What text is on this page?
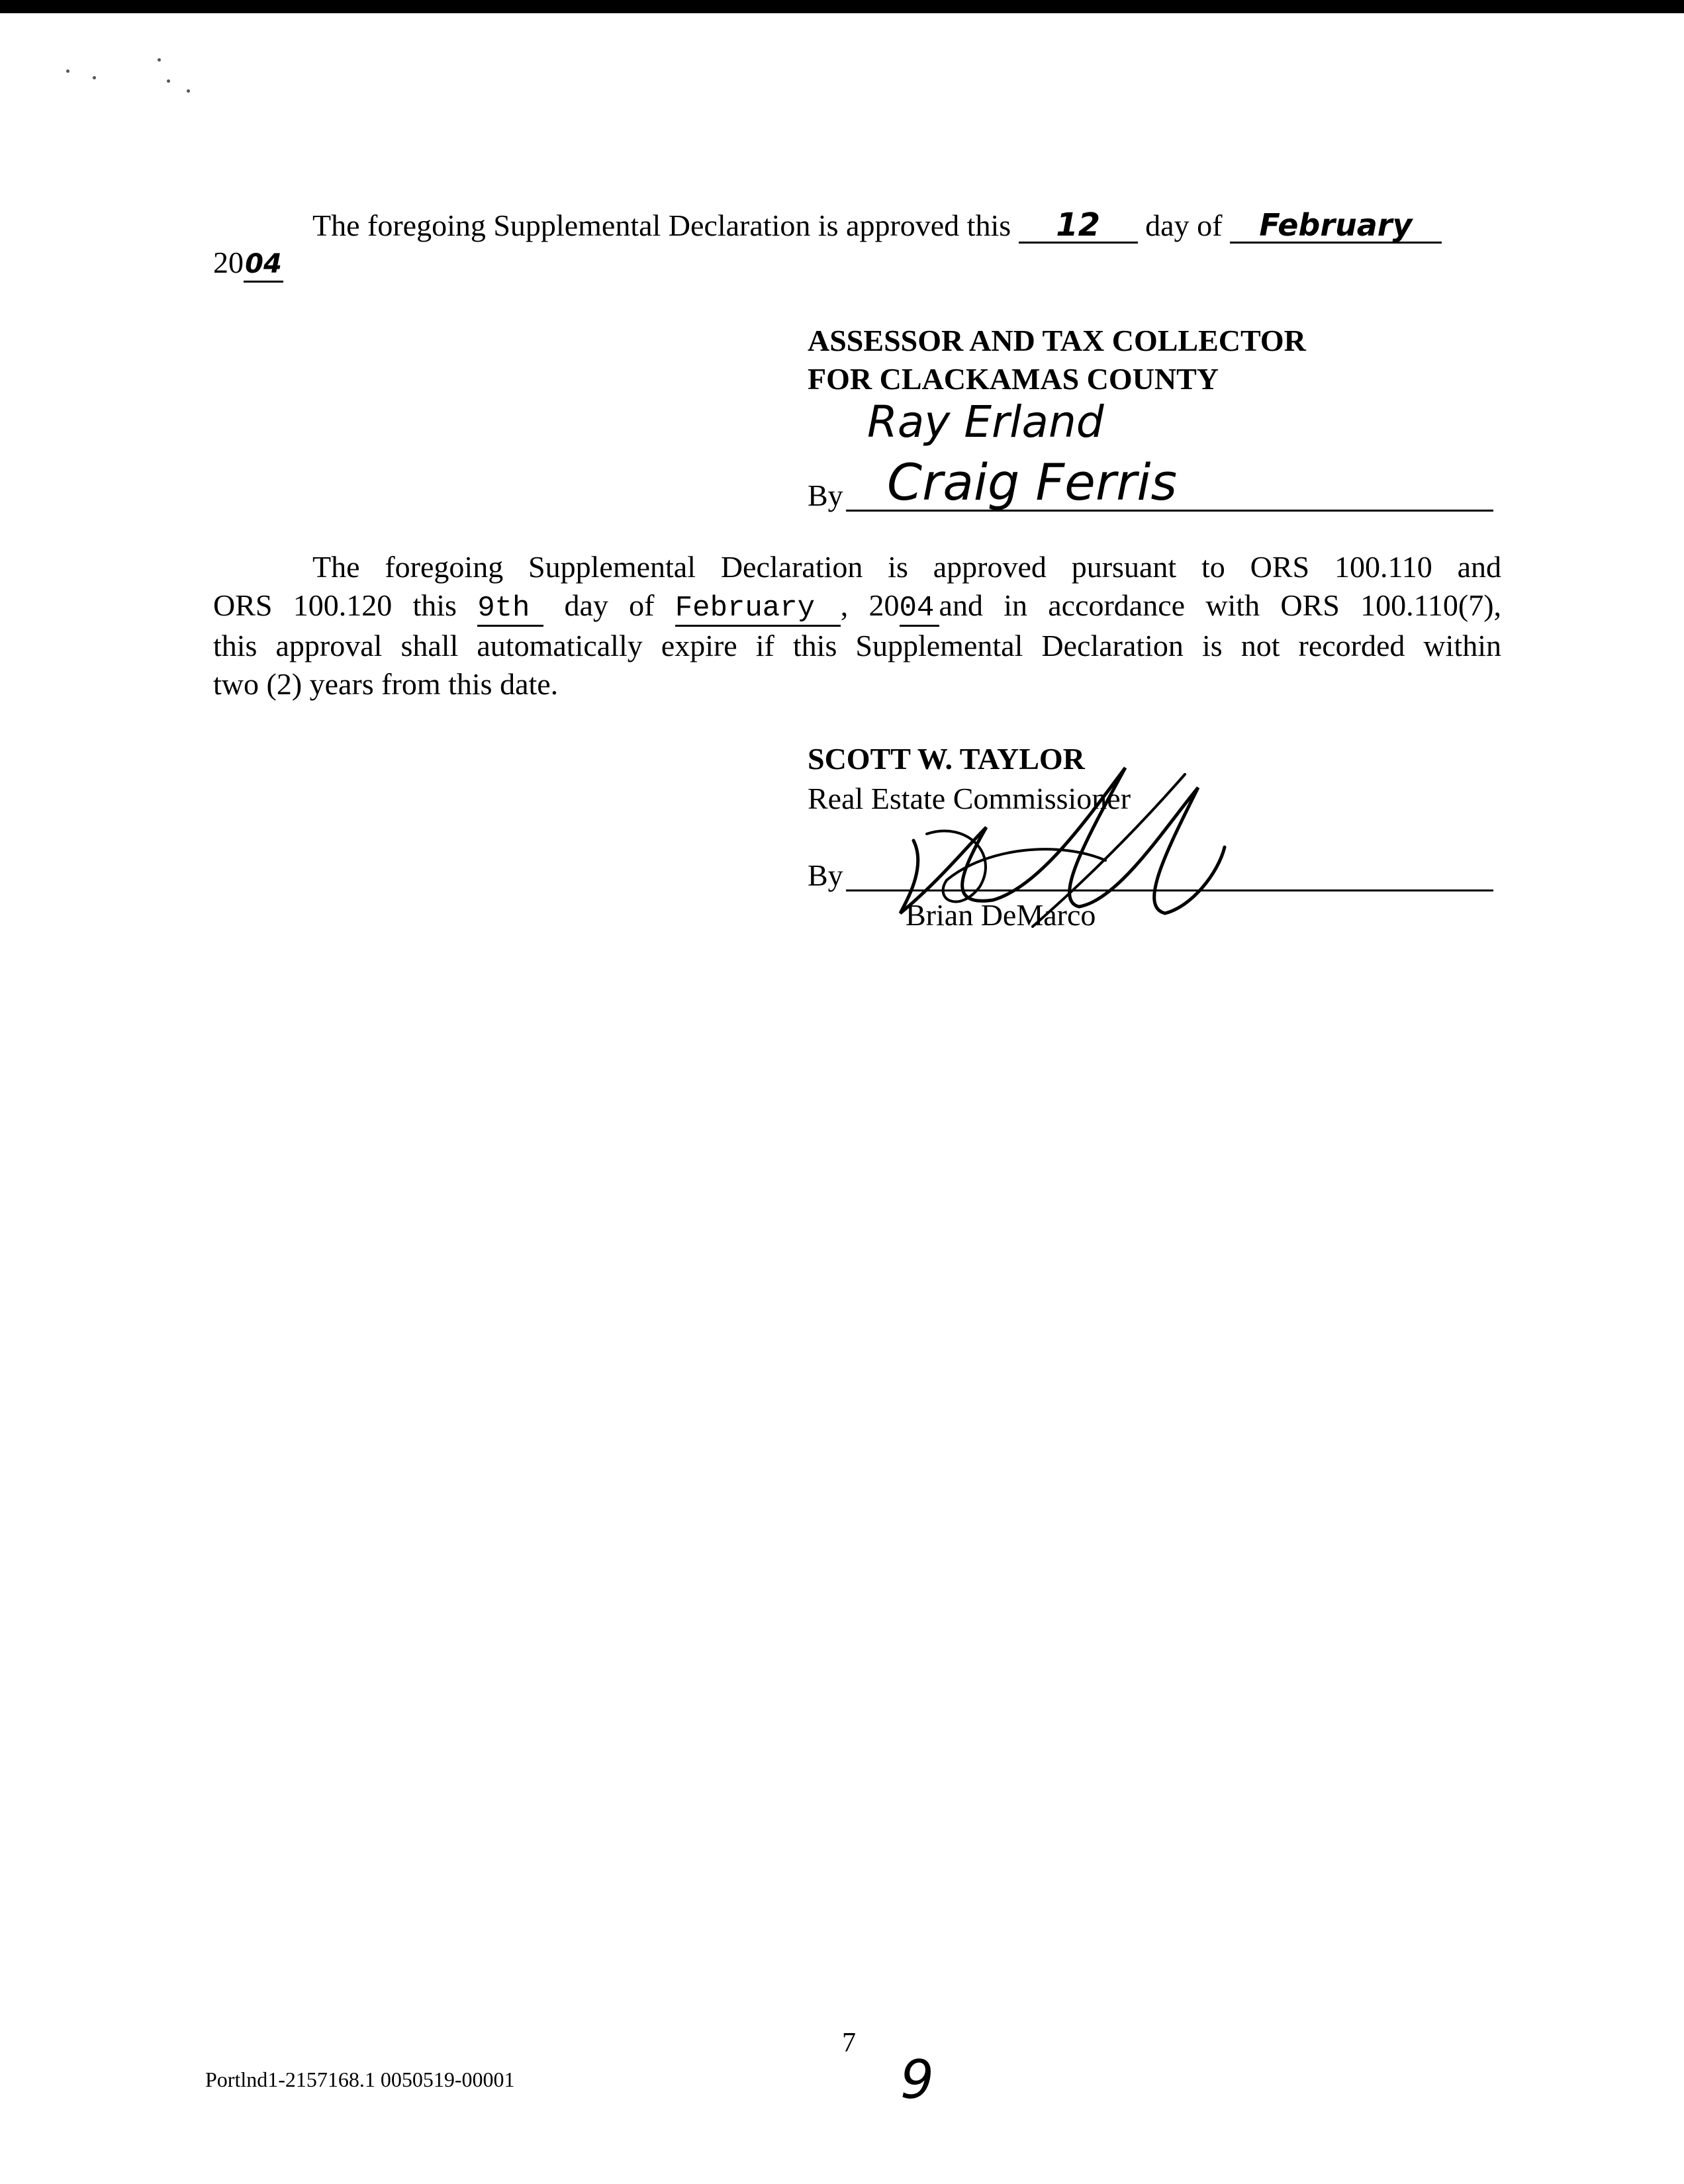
The foregoing Supplemental Declaration is approved this 12 day of February
2004
ASSESSOR AND TAX COLLECTOR
FOR CLACKAMAS COUNTY
Ray Erland
By Craig Ferris
The foregoing Supplemental Declaration is approved pursuant to ORS 100.110 and
ORS 100.120 this 9th day of February , 2004 and in accordance with ORS 100.110(7),
this approval shall automatically expire if this Supplemental Declaration is not recorded within
two (2) years from this date.
SCOTT W. TAYLOR
Real Estate Commissioner
By
Brian DeMarco
7
9
Portlnd1-2157168.1 0050519-00001
